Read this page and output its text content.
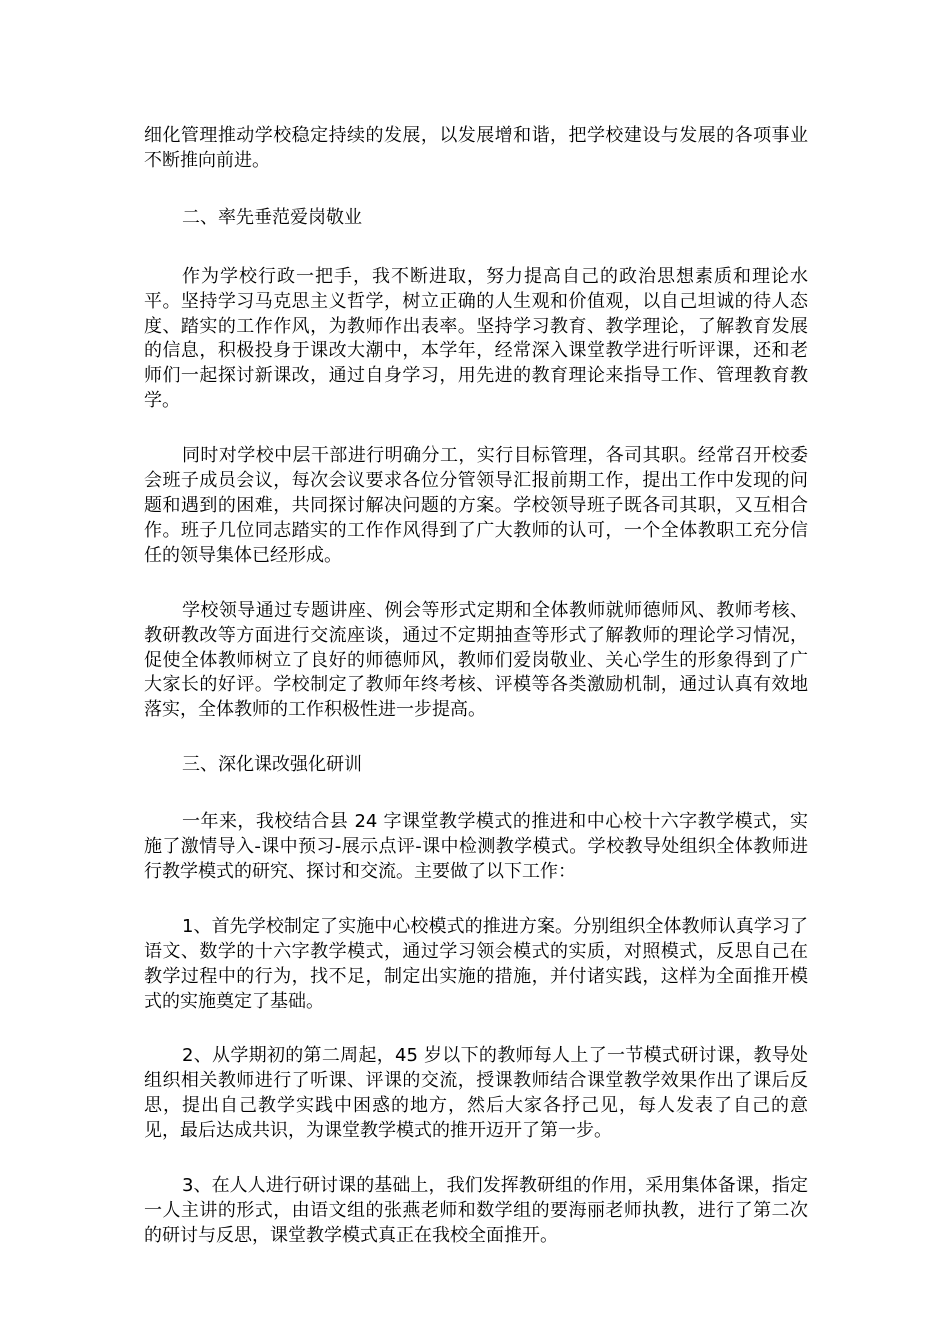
细化管理推动学校稳定持续的发展，以发展增和谐，把学校建设与发展的各项事业不断推向前进。

二、率先垂范爱岗敬业

作为学校行政一把手，我不断进取，努力提高自己的政治思想素质和理论水平。坚持学习马克思主义哲学，树立正确的人生观和价值观，以自己坦诚的待人态度、踏实的工作作风，为教师作出表率。坚持学习教育、教学理论，了解教育发展的信息，积极投身于课改大潮中，本学年，经常深入课堂教学进行听评课，还和老师们一起探讨新课改，通过自身学习，用先进的教育理论来指导工作、管理教育教学。

同时对学校中层干部进行明确分工，实行目标管理，各司其职。经常召开校委会班子成员会议，每次会议要求各位分管领导汇报前期工作，提出工作中发现的问题和遇到的困难，共同探讨解决问题的方案。学校领导班子既各司其职，又互相合作。班子几位同志踏实的工作作风得到了广大教师的认可，一个全体教职工充分信任的领导集体已经形成。

学校领导通过专题讲座、例会等形式定期和全体教师就师德师风、教师考核、教研教改等方面进行交流座谈，通过不定期抽查等形式了解教师的理论学习情况，促使全体教师树立了良好的师德师风，教师们爱岗敬业、关心学生的形象得到了广大家长的好评。学校制定了教师年终考核、评模等各类激励机制，通过认真有效地落实，全体教师的工作积极性进一步提高。

三、深化课改强化研训

一年来，我校结合县 24 字课堂教学模式的推进和中心校十六字教学模式，实施了激情导入-课中预习-展示点评-课中检测教学模式。学校教导处组织全体教师进行教学模式的研究、探讨和交流。主要做了以下工作：

1、首先学校制定了实施中心校模式的推进方案。分别组织全体教师认真学习了语文、数学的十六字教学模式，通过学习领会模式的实质，对照模式，反思自己在教学过程中的行为，找不足，制定出实施的措施，并付诸实践，这样为全面推开模式的实施奠定了基础。

2、从学期初的第二周起，45 岁以下的教师每人上了一节模式研讨课，教导处组织相关教师进行了听课、评课的交流，授课教师结合课堂教学效果作出了课后反思，提出自己教学实践中困惑的地方，然后大家各抒己见，每人发表了自己的意见，最后达成共识，为课堂教学模式的推开迈开了第一步。

3、在人人进行研讨课的基础上，我们发挥教研组的作用，采用集体备课，指定一人主讲的形式，由语文组的张燕老师和数学组的要海丽老师执教，进行了第二次的研讨与反思，课堂教学模式真正在我校全面推开。
